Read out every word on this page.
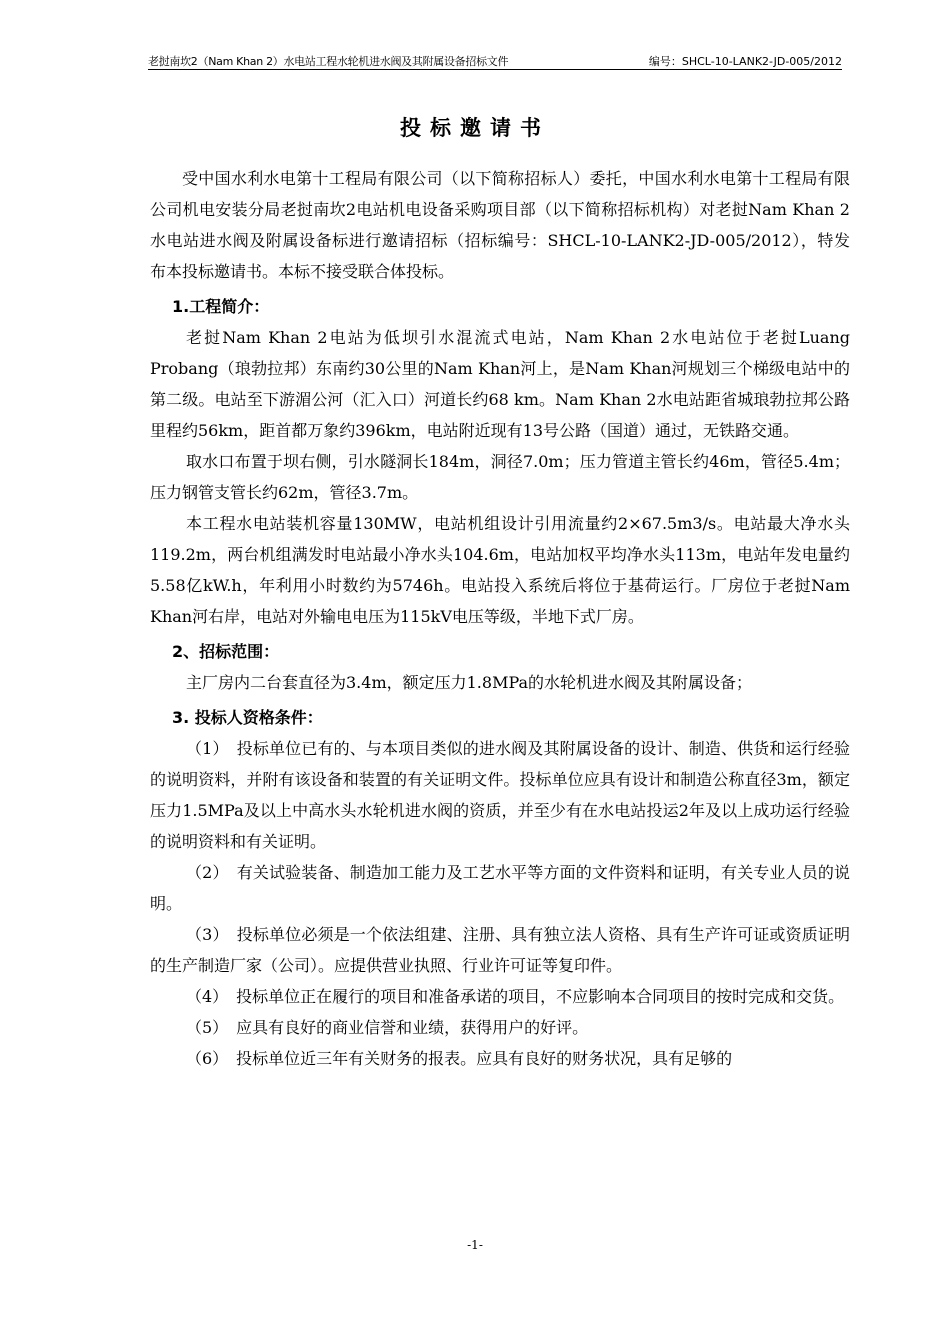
老挝南坎2（Nam Khan 2）水电站工程水轮机进水阀及其附属设备招标文件	编号：SHCL-10-LANK2-JD-005/2012
投标邀请书

受中国水利水电第十工程局有限公司（以下简称招标人）委托，中国水利水电第十工程局有限公司机电安装分局老挝南坎2电站机电设备采购项目部（以下简称招标机构）对老挝Nam Khan 2水电站进水阀及附属设备标进行邀请招标（招标编号：SHCL-10-LANK2-JD-005/2012），特发布本投标邀请书。本标不接受联合体投标。

1.工程简介：

老挝Nam Khan 2电站为低坝引水混流式电站，Nam Khan 2水电站位于老挝Luang Probang（琅勃拉邦）东南约30公里的Nam Khan河上，是Nam Khan河规划三个梯级电站中的第二级。电站至下游湄公河（汇入口）河道长约68 km。Nam Khan 2水电站距省城琅勃拉邦公路里程约56km，距首都万象约396km，电站附近现有13号公路（国道）通过，无铁路交通。

取水口布置于坝右侧，引水隧洞长184m，洞径7.0m；压力管道主管长约46m，管径5.4m；压力钢管支管长约62m，管径3.7m。

本工程水电站装机容量130MW，电站机组设计引用流量约2×67.5m3/s。电站最大净水头119.2m，两台机组满发时电站最小净水头104.6m，电站加权平均净水头113m，电站年发电量约5.58亿kW.h，年利用小时数约为5746h。电站投入系统后将位于基荷运行。厂房位于老挝Nam Khan河右岸，电站对外输电电压为115kV电压等级，半地下式厂房。

2、招标范围：

主厂房内二台套直径为3.4m，额定压力1.8MPa的水轮机进水阀及其附属设备；

3. 投标人资格条件：

（1）　投标单位已有的、与本项目类似的进水阀及其附属设备的设计、制造、供货和运行经验的说明资料，并附有该设备和装置的有关证明文件。投标单位应具有设计和制造公称直径3m，额定压力1.5MPa及以上中高水头水轮机进水阀的资质，并至少有在水电站投运2年及以上成功运行经验的说明资料和有关证明。

（2）　有关试验装备、制造加工能力及工艺水平等方面的文件资料和证明，有关专业人员的说明。

（3）　投标单位必须是一个依法组建、注册、具有独立法人资格、具有生产许可证或资质证明的生产制造厂家（公司）。应提供营业执照、行业许可证等复印件。

（4）　投标单位正在履行的项目和准备承诺的项目，不应影响本合同项目的按时完成和交货。

（5）　应具有良好的商业信誉和业绩，获得用户的好评。

（6）　投标单位近三年有关财务的报表。应具有良好的财务状况，具有足够的

-1-
